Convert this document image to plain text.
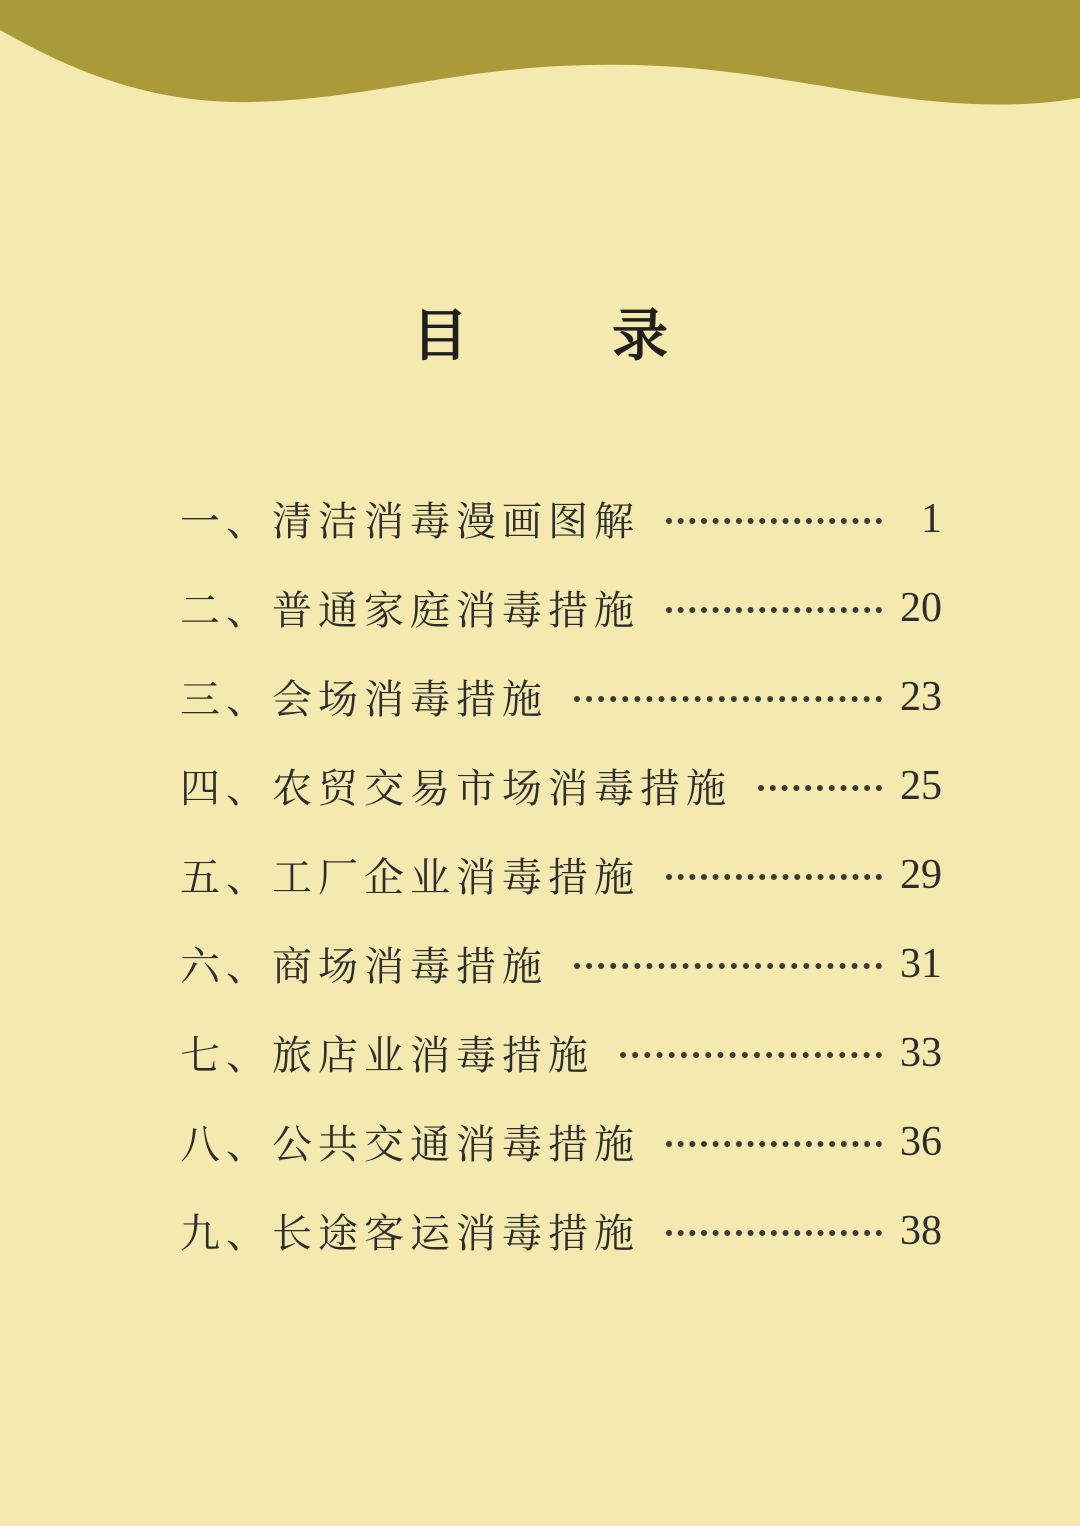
目　录
一、清洁消毒漫画图解	1
二、普通家庭消毒措施	20
三、会场消毒措施	23
四、农贸交易市场消毒措施	25
五、工厂企业消毒措施	29
六、商场消毒措施	31
七、旅店业消毒措施	33
八、公共交通消毒措施	36
九、长途客运消毒措施	38
